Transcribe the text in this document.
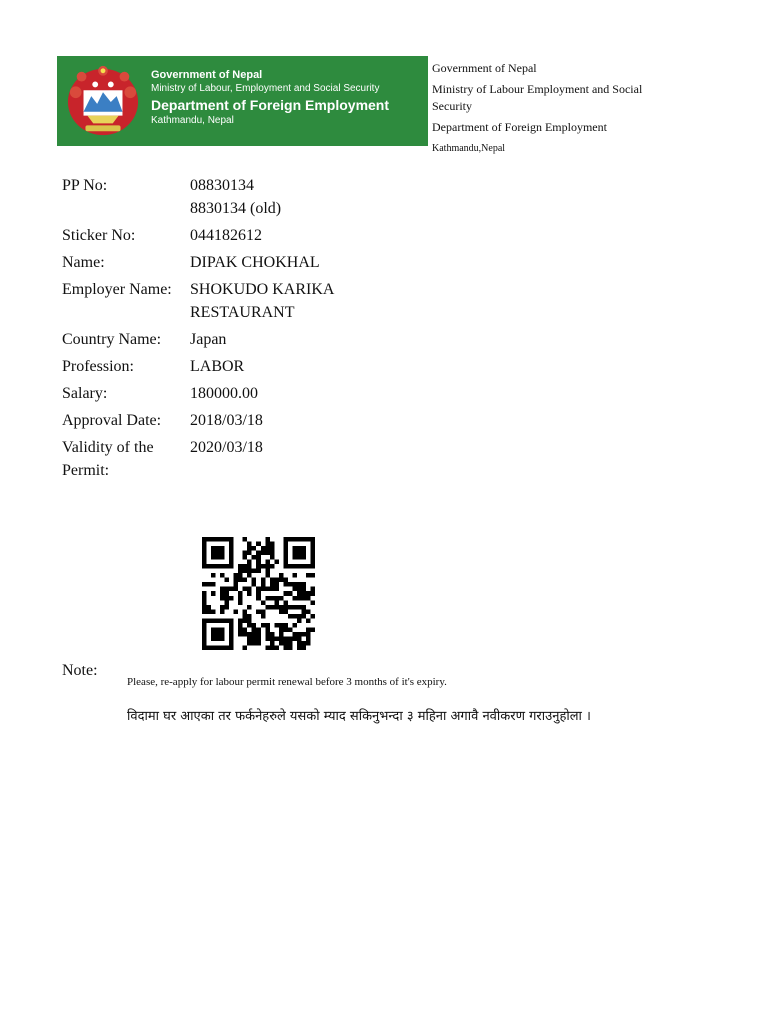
Government of Nepal
Ministry of Labour, Employment and Social Security
Department of Foreign Employment
Kathmandu, Nepal
Government of Nepal
Ministry of Labour Employment and Social Security
Department of Foreign Employment
Kathmandu,Nepal
PP No:	08830134
8830134 (old)
Sticker No:	044182612
Name:	DIPAK CHOKHAL
Employer Name:	SHOKUDO KARIKA RESTAURANT
Country Name:	Japan
Profession:	LABOR
Salary:	180000.00
Approval Date:	2018/03/18
Validity of the Permit:
2020/03/18
Note:
Please, re-apply for labour permit renewal before 3 months of it's expiry.
विदामा घर आएका तर फर्कनेहरुले यसको म्याद सकिनुभन्दा ३ महिना अगावै नवीकरण गराउनुहोला ।
